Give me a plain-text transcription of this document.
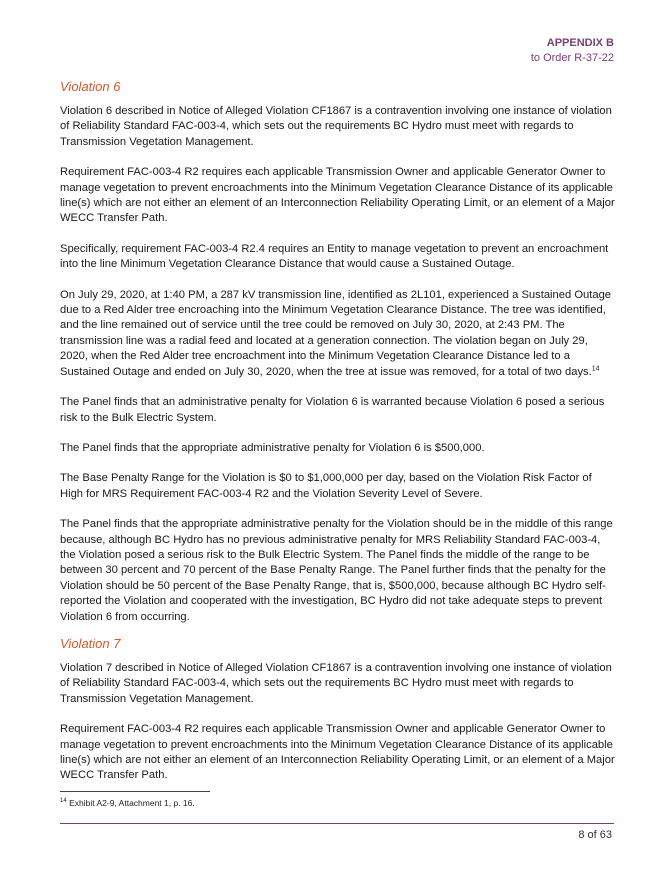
APPENDIX B
to Order R-37-22
Violation 6

Violation 6 described in Notice of Alleged Violation CF1867 is a contravention involving one instance of violation of Reliability Standard FAC-003-4, which sets out the requirements BC Hydro must meet with regards to Transmission Vegetation Management.

Requirement FAC-003-4 R2 requires each applicable Transmission Owner and applicable Generator Owner to manage vegetation to prevent encroachments into the Minimum Vegetation Clearance Distance of its applicable line(s) which are not either an element of an Interconnection Reliability Operating Limit, or an element of a Major WECC Transfer Path.

Specifically, requirement FAC-003-4 R2.4 requires an Entity to manage vegetation to prevent an encroachment into the line Minimum Vegetation Clearance Distance that would cause a Sustained Outage.

On July 29, 2020, at 1:40 PM, a 287 kV transmission line, identified as 2L101, experienced a Sustained Outage due to a Red Alder tree encroaching into the Minimum Vegetation Clearance Distance. The tree was identified, and the line remained out of service until the tree could be removed on July 30, 2020, at 2:43 PM. The transmission line was a radial feed and located at a generation connection. The violation began on July 29, 2020, when the Red Alder tree encroachment into the Minimum Vegetation Clearance Distance led to a Sustained Outage and ended on July 30, 2020, when the tree at issue was removed, for a total of two days.$^{14}$

The Panel finds that an administrative penalty for Violation 6 is warranted because Violation 6 posed a serious risk to the Bulk Electric System.

The Panel finds that the appropriate administrative penalty for Violation 6 is $500,000.

The Base Penalty Range for the Violation is $0 to $1,000,000 per day, based on the Violation Risk Factor of High for MRS Requirement FAC-003-4 R2 and the Violation Severity Level of Severe.

The Panel finds that the appropriate administrative penalty for the Violation should be in the middle of this range because, although BC Hydro has no previous administrative penalty for MRS Reliability Standard FAC-003-4, the Violation posed a serious risk to the Bulk Electric System. The Panel finds the middle of the range to be between 30 percent and 70 percent of the Base Penalty Range. The Panel further finds that the penalty for the Violation should be 50 percent of the Base Penalty Range, that is, $500,000, because although BC Hydro self-reported the Violation and cooperated with the investigation, BC Hydro did not take adequate steps to prevent Violation 6 from occurring.

Violation 7

Violation 7 described in Notice of Alleged Violation CF1867 is a contravention involving one instance of violation of Reliability Standard FAC-003-4, which sets out the requirements BC Hydro must meet with regards to Transmission Vegetation Management.

Requirement FAC-003-4 R2 requires each applicable Transmission Owner and applicable Generator Owner to manage vegetation to prevent encroachments into the Minimum Vegetation Clearance Distance of its applicable line(s) which are not either an element of an Interconnection Reliability Operating Limit, or an element of a Major WECC Transfer Path.

$^{14}$ Exhibit A2-9, Attachment 1, p. 16.
8 of 63
